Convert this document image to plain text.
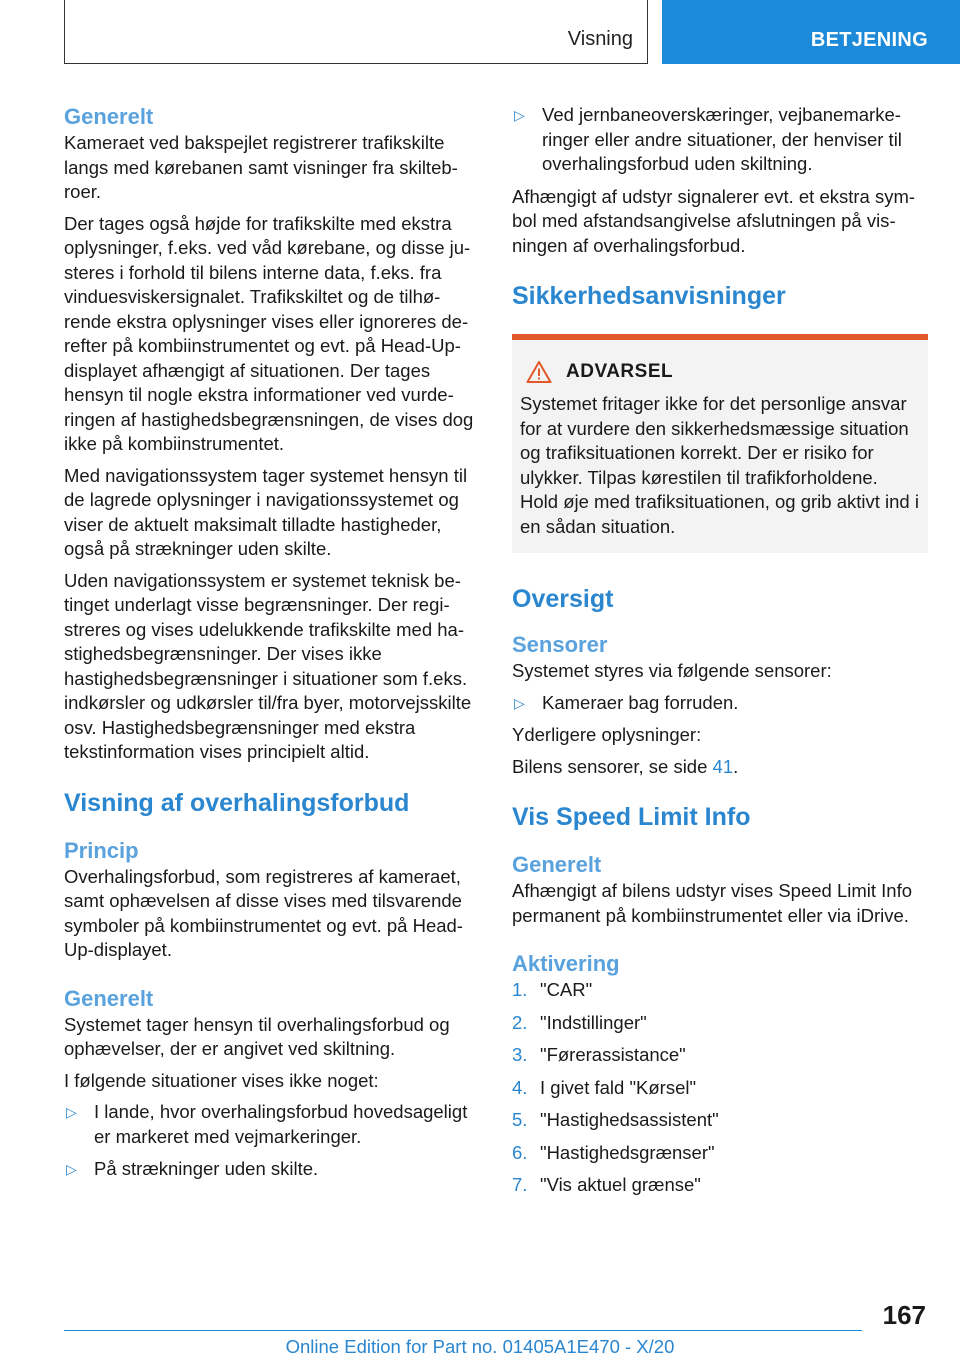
Visning	BETJENING
Generelt

Kameraet ved bakspejlet registrerer trafikskilte langs med kørebanen samt visninger fra skiltebroer.

Der tages også højde for trafikskilte med ekstra oplysninger, f.eks. ved våd kørebane, og disse justeres i forhold til bilens interne data, f.eks. fra vinduesviskersignalet. Trafikskiltet og de tilhørende ekstra oplysninger vises eller ignoreres derefter på kombiinstrumentet og evt. på Head-Up-displayet afhængigt af situationen. Der tages hensyn til nogle ekstra informationer ved vurderingen af hastighedsbegrænsningen, de vises dog ikke på kombiinstrumentet.

Med navigationssystem tager systemet hensyn til de lagrede oplysninger i navigationssystemet og viser de aktuelt maksimalt tilladte hastigheder, også på strækninger uden skilte.

Uden navigationssystem er systemet teknisk betinget underlagt visse begrænsninger. Der registreres og vises udelukkende trafikskilte med hastighedsbegrænsninger. Der vises ikke hastighedsbegrænsninger i situationer som f.eks. indkørsler og udkørsler til/fra byer, motorvejsskilte osv. Hastighedsbegrænsninger med ekstra tekstinformation vises principielt altid.

Visning af overhalingsforbud
Princip

Overhalingsforbud, som registreres af kameraet, samt ophævelsen af disse vises med tilsvarende symboler på kombiinstrumentet og evt. på Head-Up-displayet.

Generelt

Systemet tager hensyn til overhalingsforbud og ophævelser, der er angivet ved skiltning.

I følgende situationer vises ikke noget:

▷ I lande, hvor overhalingsforbud hovedsageligt er markeret med vejmarkeringer.
▷ På strækninger uden skilte.
▷ Ved jernbaneoverskæringer, vejbanemarkeringer eller andre situationer, der henviser til overhalingsforbud uden skiltning.

Afhængigt af udstyr signalerer evt. et ekstra symbol med afstandsangivelse afslutningen på visningen af overhalingsforbud.

Sikkerhedsanvisninger
ADVARSEL

Systemet fritager ikke for det personlige ansvar for at vurdere den sikkerhedsmæssige situation og trafiksituationen korrekt. Der er risiko for ulykker. Tilpas kørestilen til trafikforholdene. Hold øje med trafiksituationen, og grib aktivt ind i en sådan situation.

Oversigt
Sensorer

Systemet styres via følgende sensorer:

▷ Kameraer bag forruden.

Yderligere oplysninger:

Bilens sensorer, se side 41.

Vis Speed Limit Info
Generelt

Afhængigt af bilens udstyr vises Speed Limit Info permanent på kombiinstrumentet eller via iDrive.

Aktivering
1. "CAR"
2. "Indstillinger"
3. "Førerassistance"
4. I givet fald "Kørsel"
5. "Hastighedsassistent"
6. "Hastighedsgrænser"
7. "Vis aktuel grænse"
167
Online Edition for Part no. 01405A1E470 - X/20
